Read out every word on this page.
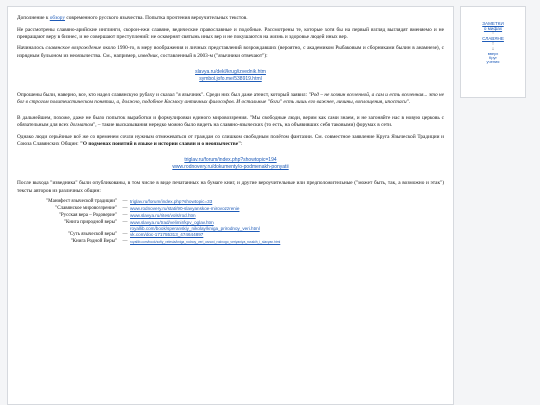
Дополнение к обзору современного русского язычества. Попытка прочтения вероучительных текстов.

Не рассмотрены славяно-арийские инглинги, скорон-ежи славяне, ведические православные и подобные. Рассмотрены те, которые хотя бы на первый взгляд выглядят вменяемо и не превращают веру в бизнес, и не совершают преступлений: не осквернят святынь иных вер и не покушаются на жизнь и здоровье людей иных вер.

Начиналось славянское возрождение около 1990-го, в меру воображения и личных представлений возрождавших (вероятно, с академиком Рыбаковым и сборниками былин в анамнезе), с изрядным бульоном из неоязычества. См., например, изведник, составленный в 2003-м ("язычники отвечают"):

slavya.ru/dekl/krug/izvednik.htm
symbol.jofo.me/538919.html

Опрошены были, наверно, все, кто надел славянскую рубаху и сказал "я язычник". Среди них был даже атеист, который заявил: "Род – не хозяин вселенной, а сам и есть вселенная... это не бог в строгом политеистическом понятии, а, должно, подобное Космосу античных философов. И остальные "боги" есть лишь его важнее, личины, воплощения, ипостаси".

В дальнейшем, похоже, даже не было попыток выработки и формулировки единого мировоззрения. "Мы свободные люди, верим как сами знаем, и не загоняйте нас в новую церковь с обязательным для всех догматом", – такие высказывания нередко можно было видеть на славяно-языческих (то есть, на объявивших себя таковыми) форумах в сети.

Однако люди серьёзные всё же со временем сочли нужным отмежеваться от граждан со слишком свободным полётом фантазии. См. совместное заявление Круга Языческой Традиции и Союза Славянских Общин: "О подменах понятий в языке и истории славян и о неоязычестве":

triglav.ru/forum/index.php?showtopic=194
www.rodnovery.ru/dokumenty/o-podmenakh-ponyatii

После выхода "изведника" были опубликованы, в том числе в виде печатанных на бумаге книг, и другие вероучительные или предположительные ("может быть, так, а возможно и этак") тексты авторов из различных общин:

"Манифест языческой традиции"	— triglav.ru/forum/index.php?showtopic=33
"Славянское мировоззрение"	— www.rodnovery.ru/stati/90-slavyanskoe-mirovozzrenie
"Русская вера – Родоверие"	— www.slavya.ru/rites/vols/rod.htm
"Книга природной веры"	— www.slavya.ru/trad/velimir/kpv_oglav.htm
royallib.com/book/speranskiy_nikolay/kniga_prirodnoy_veri.html
"Суть языческой веры"	— vk.com/doc-171755313_474644897
"Книга Родной Веры"	— royallib.com/book/sofiy_velesia/kniga_rodnoy_veri_osnovi_rodnogo_veriyaniya_russkih_i_slavyan.html
ЗАМЕТКИ
о мифах
↑
СЛАВЯНЕ
↑
↓
вверх
Круг
учения
